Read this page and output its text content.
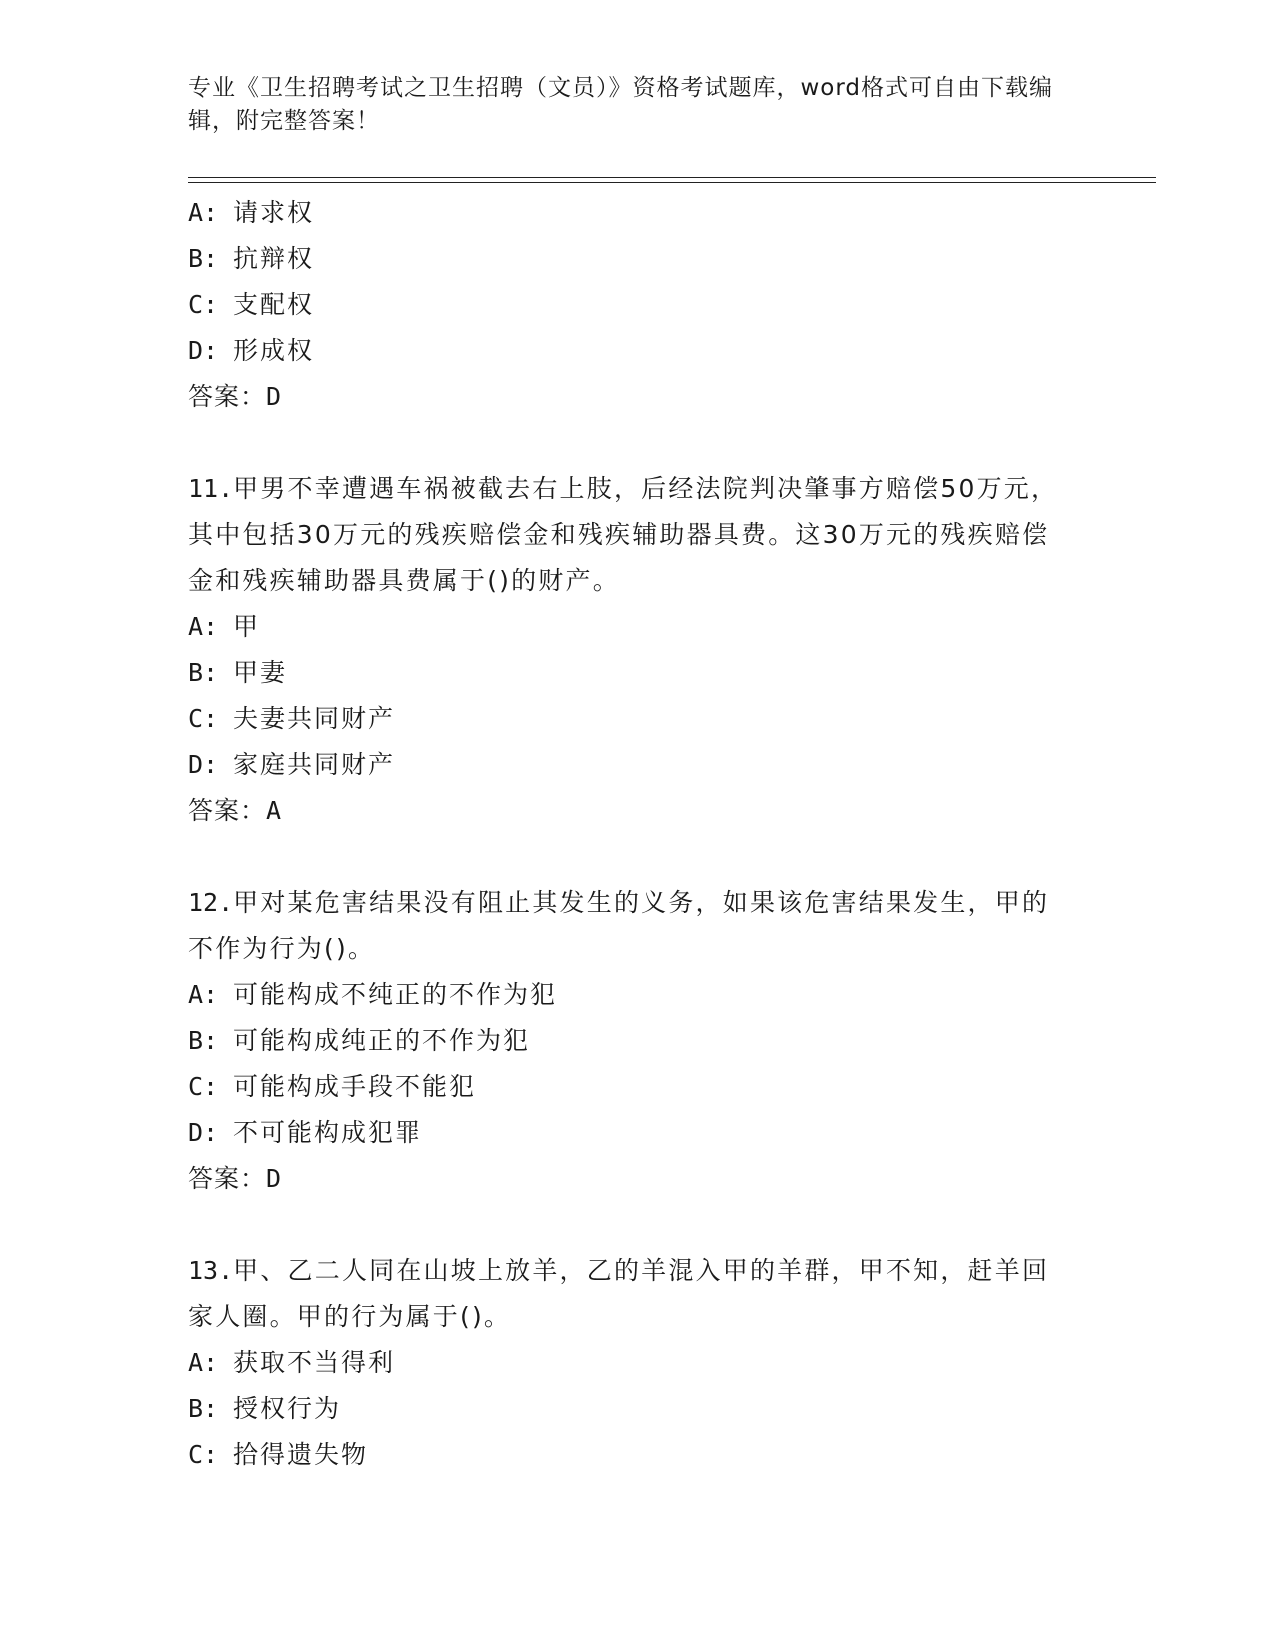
专业《卫生招聘考试之卫生招聘（文员）》资格考试题库，word格式可自由下载编辑，附完整答案！
A: 请求权
B: 抗辩权
C: 支配权
D: 形成权
答案：D
11.甲男不幸遭遇车祸被截去右上肢，后经法院判决肇事方赔偿50万元，其中包括30万元的残疾赔偿金和残疾辅助器具费。这30万元的残疾赔偿金和残疾辅助器具费属于()的财产。
A: 甲
B: 甲妻
C: 夫妻共同财产
D: 家庭共同财产
答案：A
12.甲对某危害结果没有阻止其发生的义务，如果该危害结果发生，甲的不作为行为()。
A: 可能构成不纯正的不作为犯
B: 可能构成纯正的不作为犯
C: 可能构成手段不能犯
D: 不可能构成犯罪
答案：D
13.甲、乙二人同在山坡上放羊，乙的羊混入甲的羊群，甲不知，赶羊回家人圈。甲的行为属于()。
A: 获取不当得利
B: 授权行为
C: 拾得遗失物
